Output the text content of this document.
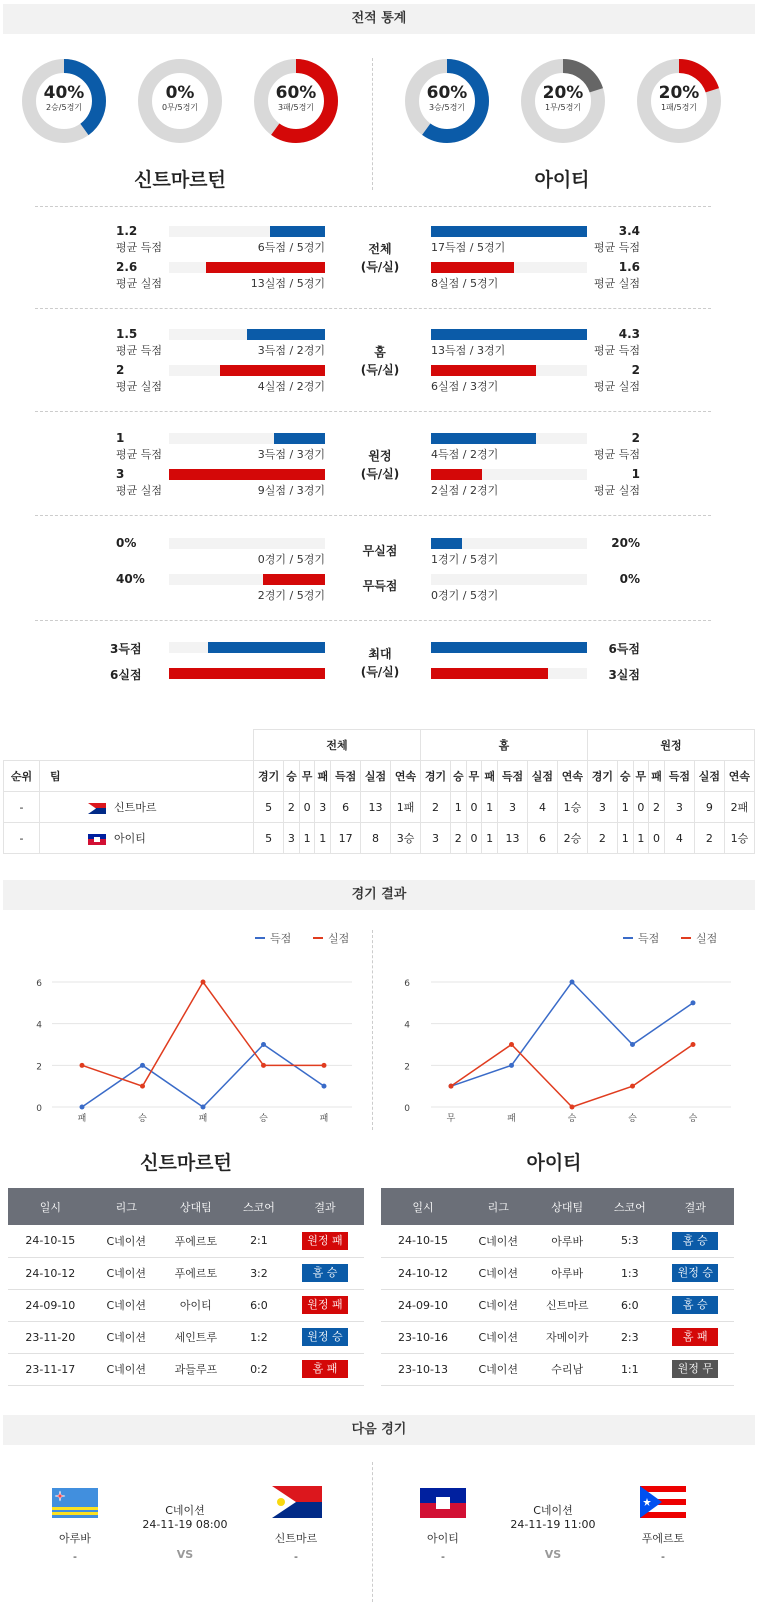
전적 통계
40%
2승/5경기
0%
0무/5경기
60%
3패/5경기
60%
3승/5경기
20%
1무/5경기
20%
1패/5경기
신트마르턴	아이티
1.2
평균 득점	6득점 / 5경기	17득점 / 5경기
3.4
평균 득점
2.6
평균 실점	13실점 / 5경기	8실점 / 5경기
1.6
평균 실점
전체
(득/실)
1.5
평균 득점	3득점 / 2경기	13득점 / 3경기
4.3
평균 득점
2
평균 실점	4실점 / 2경기	6실점 / 3경기
2
평균 실점
홈
(득/실)
1
평균 득점	3득점 / 3경기	4득점 / 2경기
2
평균 득점
3
평균 실점	9실점 / 3경기	2실점 / 2경기
1
평균 실점
원정
(득/실)
0%
0경기 / 5경기	1경기 / 5경기
20%
40%
2경기 / 5경기	0경기 / 5경기
0%
무실점
무득점
3득점	6득점
6실점	3실점
최대
(득/실)
		전체							홈							원정						
순위	팀	경기	승	무	패	득점	실점	연속	경기	승	무	패	득점	실점	연속	경기	승	무	패	득점	실점	연속
-	신트마르	5	2	0	3	6	13	1패	2	1	0	1	3	4	1승	3	1	0	2	3	9	2패
-	아이티	5	3	1	1	17	8	3승	3	2	0	1	13	6	2승	2	1	1	0	4	2	1승
경기 결과
득점	실점
0
2
4
6
패	승	패	승	패
득점	실점
0
2
4
6
무	패	승	승	승
신트마르턴	아이티
일시	리그	상대팀	스코어	결과
24-10-15	C네이션	푸에르토	2:1	원정 패
24-10-12	C네이션	푸에르토	3:2	홈 승
24-09-10	C네이션	아이티	6:0	원정 패
23-11-20	C네이션	세인트루	1:2	원정 승
23-11-17	C네이션	과들루프	0:2	홈 패
일시	리그	상대팀	스코어	결과
24-10-15	C네이션	아루바	5:3	홈 승
24-10-12	C네이션	아루바	1:3	원정 승
24-09-10	C네이션	신트마르	6:0	홈 승
23-10-16	C네이션	자메이카	2:3	홈 패
23-10-13	C네이션	수리남	1:1	원정 무
다음 경기
아루바
-
C네이션
24-11-19 08:00
VS
신트마르
-
아이티
-
C네이션
24-11-19 11:00
VS
푸에르토
-
